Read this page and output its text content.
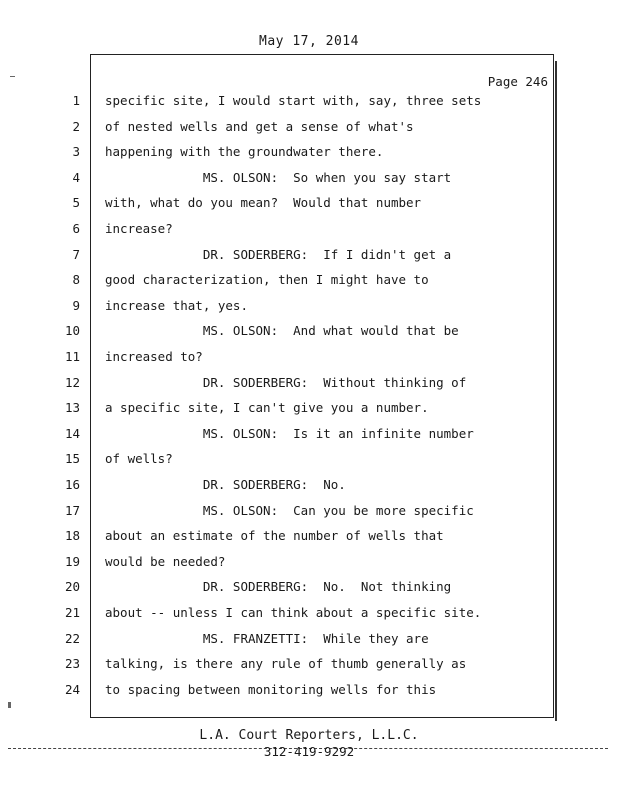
May 17, 2014
Page 246
1 specific site, I would start with, say, three sets
2 of nested wells and get a sense of what's
3 happening with the groundwater there.
4 MS. OLSON:  So when you say start
5 with, what do you mean?  Would that number
6 increase?
7 DR. SODERBERG:  If I didn't get a
8 good characterization, then I might have to
9 increase that, yes.
10 MS. OLSON:  And what would that be
11 increased to?
12 DR. SODERBERG:  Without thinking of
13 a specific site, I can't give you a number.
14 MS. OLSON:  Is it an infinite number
15 of wells?
16 DR. SODERBERG:  No.
17 MS. OLSON:  Can you be more specific
18 about an estimate of the number of wells that
19 would be needed?
20 DR. SODERBERG:  No.  Not thinking
21 about -- unless I can think about a specific site.
22 MS. FRANZETTI:  While they are
23 talking, is there any rule of thumb generally as
24 to spacing between monitoring wells for this
L.A. Court Reporters, L.L.C.
312-419-9292
